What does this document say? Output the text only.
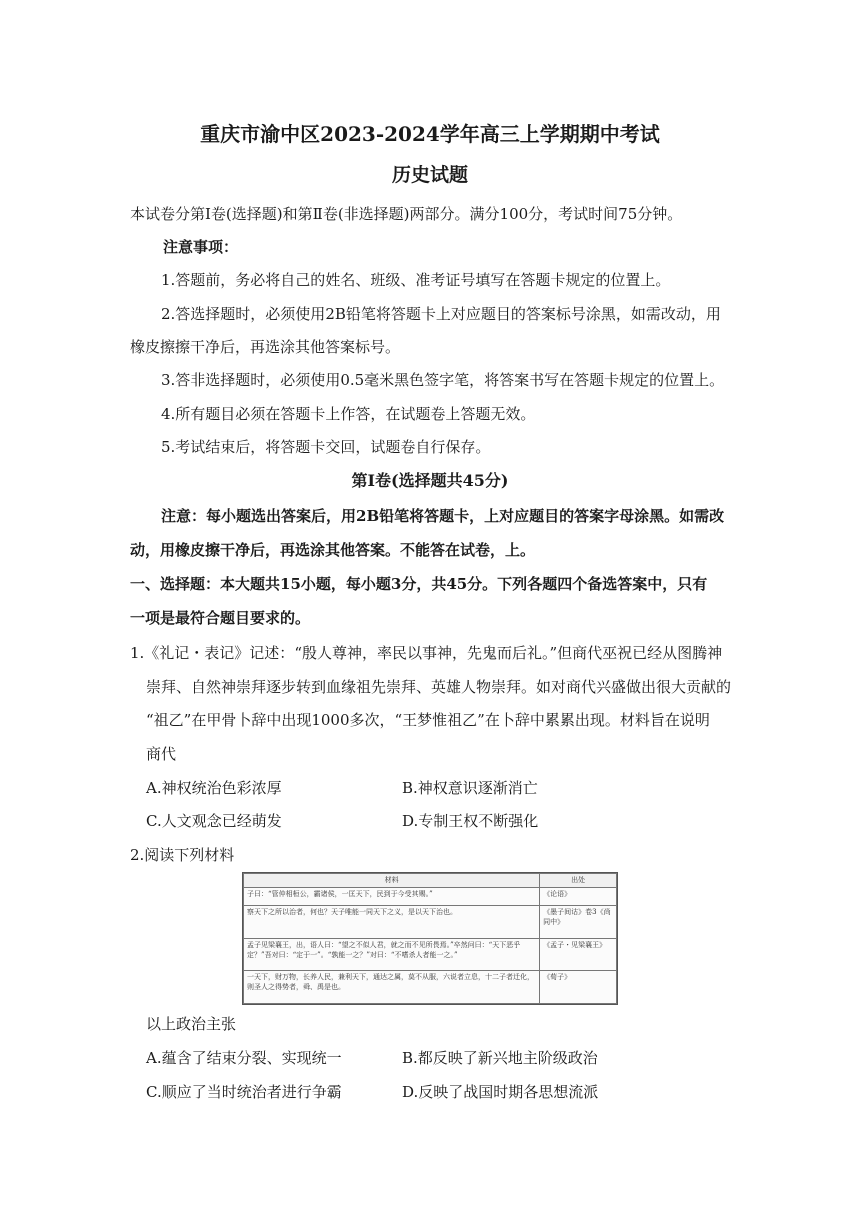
重庆市渝中区2023-2024学年高三上学期期中考试
历史试题
本试卷分第Ⅰ卷(选择题)和第Ⅱ卷(非选择题)两部分。满分100分，考试时间75分钟。
注意事项：
1.答题前，务必将自己的姓名、班级、准考证号填写在答题卡规定的位置上。
2.答选择题时，必须使用2B铅笔将答题卡上对应题目的答案标号涂黑，如需改动，用
橡皮擦擦干净后，再选涂其他答案标号。
3.答非选择题时，必须使用0.5毫米黑色签字笔，将答案书写在答题卡规定的位置上。
4.所有题目必须在答题卡上作答，在试题卷上答题无效。
5.考试结束后，将答题卡交回，试题卷自行保存。
第Ⅰ卷(选择题共45分)
注意：每小题选出答案后，用2B铅笔将答题卡，上对应题目的答案字母涂黑。如需改
动，用橡皮擦干净后，再选涂其他答案。不能答在试卷，上。
一、选择题：本大题共15小题，每小题3分，共45分。下列各题四个备选答案中，只有
一项是最符合题目要求的。
1.《礼记・表记》记述：“殷人尊神，率民以事神，先鬼而后礼。”但商代巫祝已经从图腾神
崇拜、自然神崇拜逐步转到血缘祖先崇拜、英雄人物崇拜。如对商代兴盛做出很大贡献的
“祖乙”在甲骨卜辞中出现1000多次，“王梦惟祖乙”在卜辞中累累出现。材料旨在说明
商代
A.神权统治色彩浓厚	B.神权意识逐渐消亡
C.人文观念已经萌发	D.专制王权不断强化
2.阅读下列材料
材料	出处
子曰：“管仲相桓公，霸诸侯，一匡天下，民到于今受其赐。”	《论语》
察天下之所以治者，何也？天子唯能一同天下之义，是以天下治也。	《墨子间诂》卷3《尚同中》
孟子见梁襄王，出，语人曰：“望之不似人君，就之而不见所畏焉。”卒然问曰：“天下恶乎定？”吾对曰：“定于一”。“孰能一之？”对曰：“不嗜杀人者能一之。”	《孟子・见梁襄王》
一天下，财万物，长养人民，兼利天下，通达之属，莫不从服，六说者立息，十二子者迁化，则圣人之得势者，舜、禹是也。	《荀子》
以上政治主张
A.蕴含了结束分裂、实现统一	B.都反映了新兴地主阶级政治
C.顺应了当时统治者进行争霸	D.反映了战国时期各思想流派
